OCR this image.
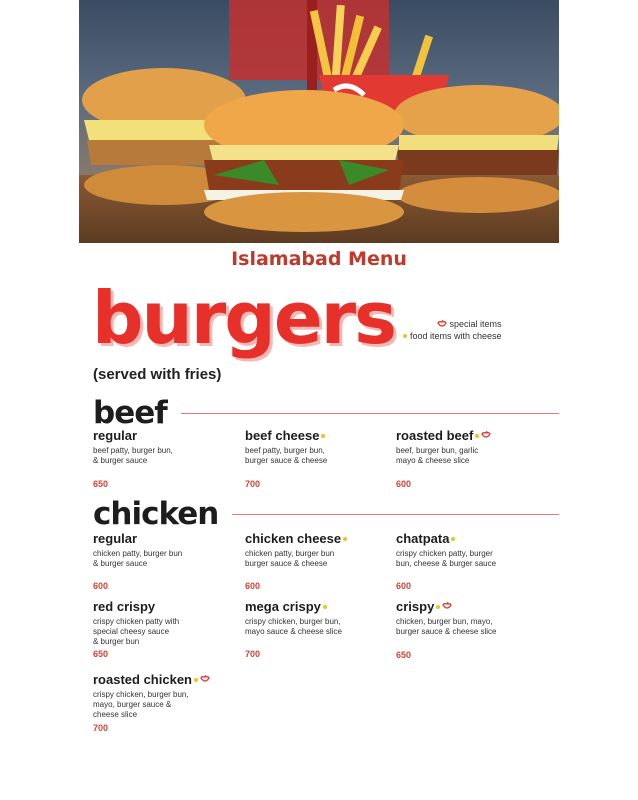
Islamabad Menu
burgers	special items
food items with cheese
(served with fries)
beef
regular
beef patty, burger bun,
& burger sauce
650
beef cheese
beef patty, burger bun,
burger sauce & cheese
700
roasted beef
beef, burger bun, garlic
mayo & cheese slice
600
chicken
regular
chicken patty, burger bun
& burger sauce
600
chicken cheese
chicken patty, burger bun
burger sauce & cheese
600
chatpata
crispy chicken patty, burger
bun, cheese & burger sauce
600
red crispy
crispy chicken patty with
special cheesy sauce
& burger bun
650
mega crispy
crispy chicken, burger bun,
mayo sauce & cheese slice
700
crispy
chicken, burger bun, mayo,
burger sauce & cheese slice
650
roasted chicken
crispy chicken, burger bun,
mayo, burger sauce &
cheese slice
700
